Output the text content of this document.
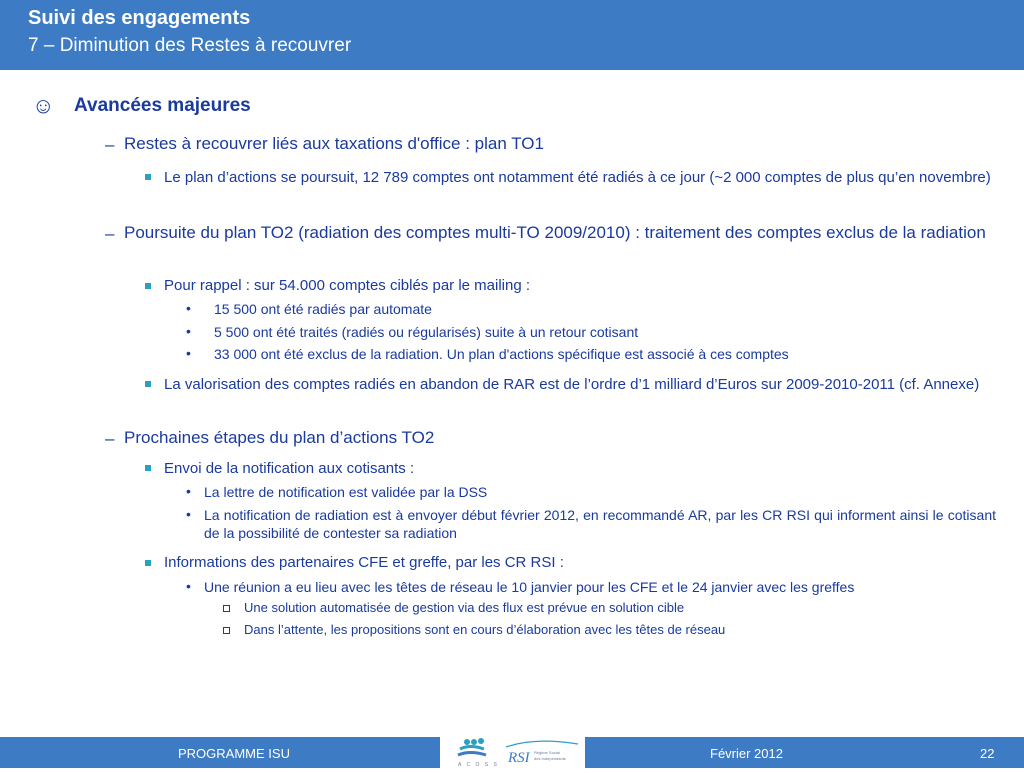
Suivi des engagements
7 – Diminution des Restes à recouvrer
☺ Avancées majeures
– Restes à recouvrer liés aux taxations d'office : plan TO1
Le plan d’actions se poursuit, 12 789 comptes ont notamment été radiés à ce jour (~2 000 comptes de plus qu’en novembre)
– Poursuite du plan TO2 (radiation des comptes multi-TO 2009/2010) : traitement des comptes exclus de la radiation
Pour rappel : sur 54.000 comptes ciblés par le mailing :
• 15 500 ont été radiés par automate
• 5 500 ont été traités (radiés ou régularisés) suite à un retour cotisant
• 33 000 ont été exclus de la radiation. Un plan d'actions spécifique est associé à ces comptes
La valorisation des comptes radiés en abandon de RAR est de l’ordre d’1 milliard d’Euros sur 2009-2010-2011 (cf. Annexe)
– Prochaines étapes du plan d’actions TO2
Envoi de la notification aux cotisants :
• La lettre de notification est validée par la DSS
• La notification de radiation est à envoyer début février 2012, en recommandé AR, par les CR RSI qui informent ainsi le cotisant de la possibilité de contester sa radiation
Informations des partenaires CFE et greffe, par les CR RSI :
• Une réunion a eu lieu avec les têtes de réseau le 10 janvier pour les CFE et le 24 janvier avec les greffes
Une solution automatisée de gestion via des flux est prévue en solution cible
Dans l’attente, les propositions sont en cours d’élaboration avec les têtes de réseau
PROGRAMME ISU
A C O S S RSI Régime Social
des Indépendants	Février 2012	22
